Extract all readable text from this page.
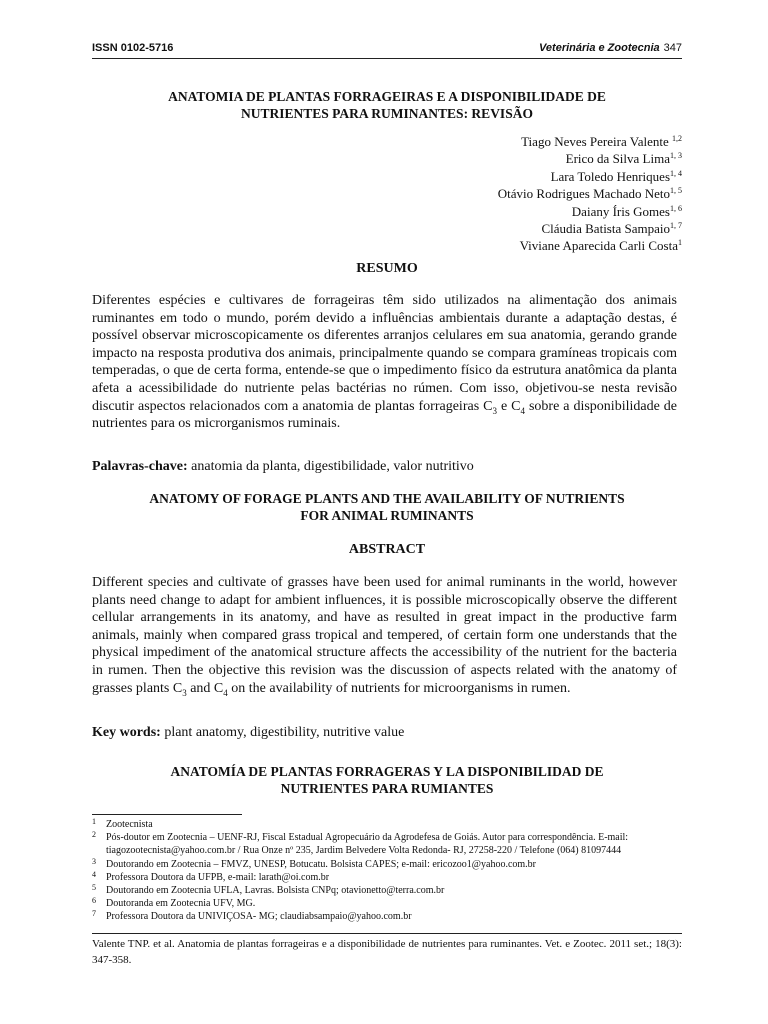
ISSN 0102-5716	Veterinária e Zootecnia 347
ANATOMIA DE PLANTAS FORRAGEIRAS E A DISPONIBILIDADE DE
NUTRIENTES PARA RUMINANTES: REVISÃO
Tiago Neves Pereira Valente $^{1,2}$
Erico da Silva Lima$^{1, 3}$
Lara Toledo Henriques$^{1, 4}$
Otávio Rodrigues Machado Neto$^{1, 5}$
Daiany Íris Gomes$^{1, 6}$
Cláudia Batista Sampaio$^{1, 7}$
Viviane Aparecida Carli Costa$^1$
RESUMO
Diferentes espécies e cultivares de forrageiras têm sido utilizados na alimentação dos animais ruminantes em todo o mundo, porém devido a influências ambientais durante a adaptação destas, é possível observar microscopicamente os diferentes arranjos celulares em sua anatomia, gerando grande impacto na resposta produtiva dos animais, principalmente quando se compara gramíneas tropicais com temperadas, o que de certa forma, entende-se que o impedimento físico da estrutura anatômica da planta afeta a acessibilidade do nutriente pelas bactérias no rúmen. Com isso, objetivou-se nesta revisão discutir aspectos relacionados com a anatomia de plantas forrageiras $C_3$ e $C_4$ sobre a disponibilidade de nutrientes para os microrganismos ruminais.
Palavras-chave: anatomia da planta, digestibilidade, valor nutritivo
ANATOMY OF FORAGE PLANTS AND THE AVAILABILITY OF NUTRIENTS
FOR ANIMAL RUMINANTS
ABSTRACT
Different species and cultivate of grasses have been used for animal ruminants in the world, however plants need change to adapt for ambient influences, it is possible microscopically observe the different cellular arrangements in its anatomy, and have as resulted in great impact in the productive farm animals, mainly when compared grass tropical and tempered, of certain form one understands that the physical impediment of the anatomical structure affects the accessibility of the nutrient for the bacteria in rumen. Then the objective this revision was the discussion of aspects related with the anatomy of grasses plants $C_3$ and $C_4$ on the availability of nutrients for microorganisms in rumen.
Key words: plant anatomy, digestibility, nutritive value
ANATOMÍA DE PLANTAS FORRAGERAS Y LA DISPONIBILIDAD DE
NUTRIENTES PARA RUMIANTES
1 Zootecnista
2 Pós-doutor em Zootecnia – UENF-RJ, Fiscal Estadual Agropecuário da Agrodefesa de Goiás. Autor para correspondência. E-mail: tiagozootecnista@yahoo.com.br / Rua Onze nº 235, Jardim Belvedere Volta Redonda- RJ, 27258-220 / Telefone (064) 81097444
3 Doutorando em Zootecnia – FMVZ, UNESP, Botucatu. Bolsista CAPES; e-mail: ericozoo1@yahoo.com.br
4 Professora Doutora da UFPB, e-mail: larath@oi.com.br
5 Doutorando em Zootecnia UFLA, Lavras. Bolsista CNPq; otavionetto@terra.com.br
6 Doutoranda em Zootecnia UFV, MG.
7 Professora Doutora da UNIVIÇOSA- MG; claudiabsampaio@yahoo.com.br
Valente TNP. et al. Anatomia de plantas forrageiras e a disponibilidade de nutrientes para ruminantes. Vet. e Zootec. 2011 set.; 18(3): 347-358.
